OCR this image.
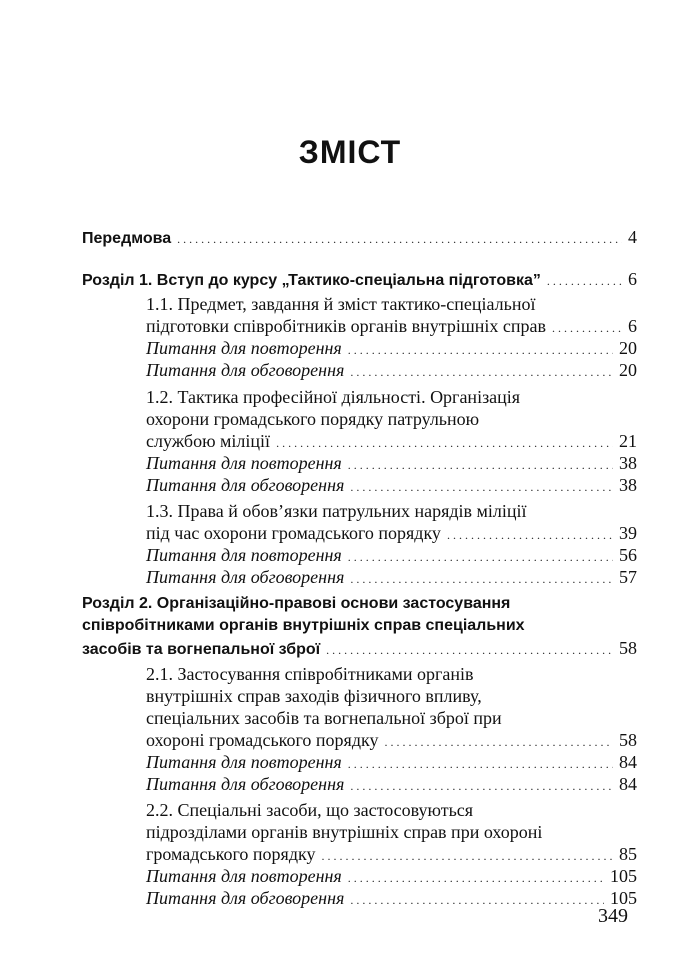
ЗМІСТ
Передмова . . .	4
Розділ 1. Вступ до курсу „Тактико-спеціальна підготовка” . . .	6
1.1. Предмет, завдання й зміст тактико-спеціальної
підготовки співробітників органів внутрішніх справ . . .	6
Питання для повторення . . .	20
Питання для обговорення . . .	20
1.2. Тактика професійної діяльності. Організація
охорони громадського порядку патрульною
службою міліції . . .	21
Питання для повторення . . .	38
Питання для обговорення . . .	38
1.3. Права й обов’язки патрульних нарядів міліції
під час охорони громадського порядку . . .	39
Питання для повторення . . .	56
Питання для обговорення . . .	57
Розділ 2. Організаційно-правові основи застосування
співробітниками органів внутрішніх справ спеціальних
засобів та вогнепальної зброї . . .	58
2.1. Застосування співробітниками органів
внутрішніх справ заходів фізичного впливу,
спеціальних засобів та вогнепальної зброї при
охороні громадського порядку . . .	58
Питання для повторення . . .	84
Питання для обговорення . . .	84
2.2. Спеціальні засоби, що застосовуються
підрозділами органів внутрішніх справ при охороні
громадського порядку . . .	85
Питання для повторення . . .	105
Питання для обговорення . . .	105
349
